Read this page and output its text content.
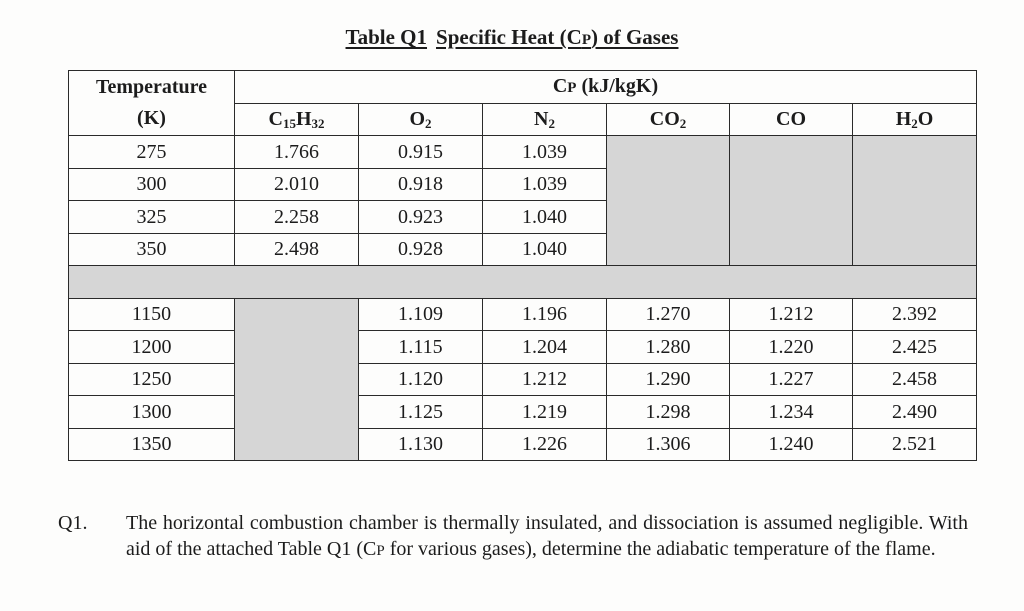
Table Q1 Specific Heat (CP) of Gases
Temperature
(K)	CP (kJ/kgK)					
	$C_{15}H_{32}$	$O_2$	$N_2$	$CO_2$	CO	$H_2O$
275	1.766	0.915	1.039			
300	2.010	0.918	1.039			
325	2.258	0.923	1.040			
350	2.498	0.928	1.040			

1150		1.109	1.196	1.270	1.212	2.392
1200		1.115	1.204	1.280	1.220	2.425
1250		1.120	1.212	1.290	1.227	2.458
1300		1.125	1.219	1.298	1.234	2.490
1350		1.130	1.226	1.306	1.240	2.521
Q1. The horizontal combustion chamber is thermally insulated, and dissociation is assumed negligible. With aid of the attached Table Q1 (CP for various gases), determine the adiabatic temperature of the flame.
